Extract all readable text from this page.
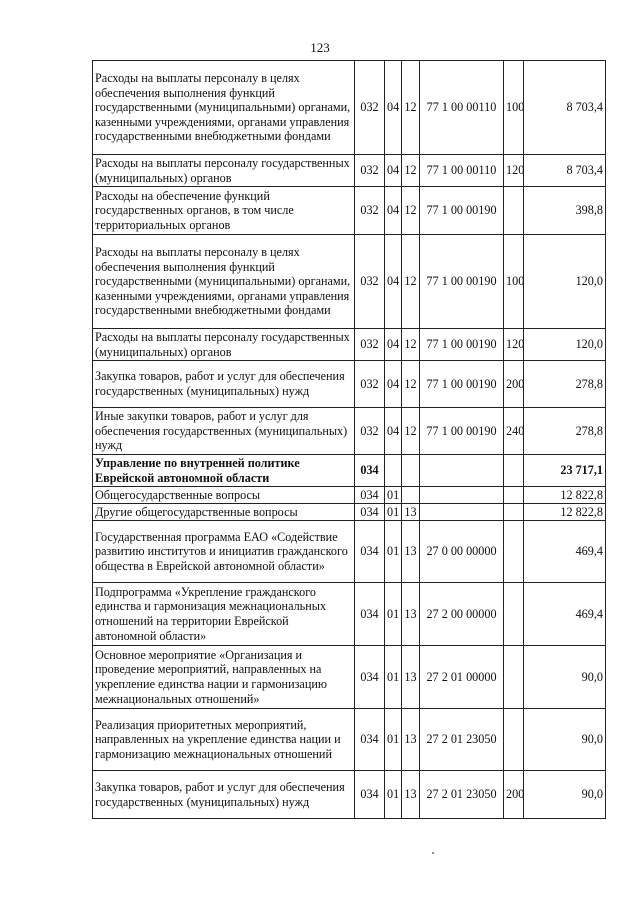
123
Расходы на выплаты персоналу в целях обеспечения выполнения функций государственными (муниципальными) органами, казенными учреждениями, органами управления государственными внебюджетными фондами	032	04	12	77 1 00 00110	100	8 703,4
Расходы на выплаты персоналу государственных (муниципальных) органов	032	04	12	77 1 00 00110	120	8 703,4
Расходы на обеспечение функций государственных органов, в том числе территориальных органов	032	04	12	77 1 00 00190		398,8
Расходы на выплаты персоналу в целях обеспечения выполнения функций государственными (муниципальными) органами, казенными учреждениями, органами управления государственными внебюджетными фондами	032	04	12	77 1 00 00190	100	120,0
Расходы на выплаты персоналу государственных (муниципальных) органов	032	04	12	77 1 00 00190	120	120,0
Закупка товаров, работ и услуг для обеспечения государственных (муниципальных) нужд	032	04	12	77 1 00 00190	200	278,8
Иные закупки товаров, работ и услуг для обеспечения государственных (муниципальных) нужд	032	04	12	77 1 00 00190	240	278,8
Управление по внутренней политике Еврейской автономной области	034					23 717,1
Общегосударственные вопросы	034	01				12 822,8
Другие общегосударственные вопросы	034	01	13			12 822,8
Государственная программа ЕАО «Содействие развитию институтов и инициатив гражданского общества в Еврейской автономной области»	034	01	13	27 0 00 00000		469,4
Подпрограмма «Укрепление гражданского единства и гармонизация межнациональных отношений на территории Еврейской автономной области»	034	01	13	27 2 00 00000		469,4
Основное мероприятие «Организация и проведение мероприятий, направленных на укрепление единства нации и гармонизацию межнациональных отношений»	034	01	13	27 2 01 00000		90,0
Реализация приоритетных мероприятий, направленных на укрепление единства нации и гармонизацию межнациональных отношений	034	01	13	27 2 01 23050		90,0
Закупка товаров, работ и услуг для обеспечения государственных (муниципальных) нужд	034	01	13	27 2 01 23050	200	90,0
